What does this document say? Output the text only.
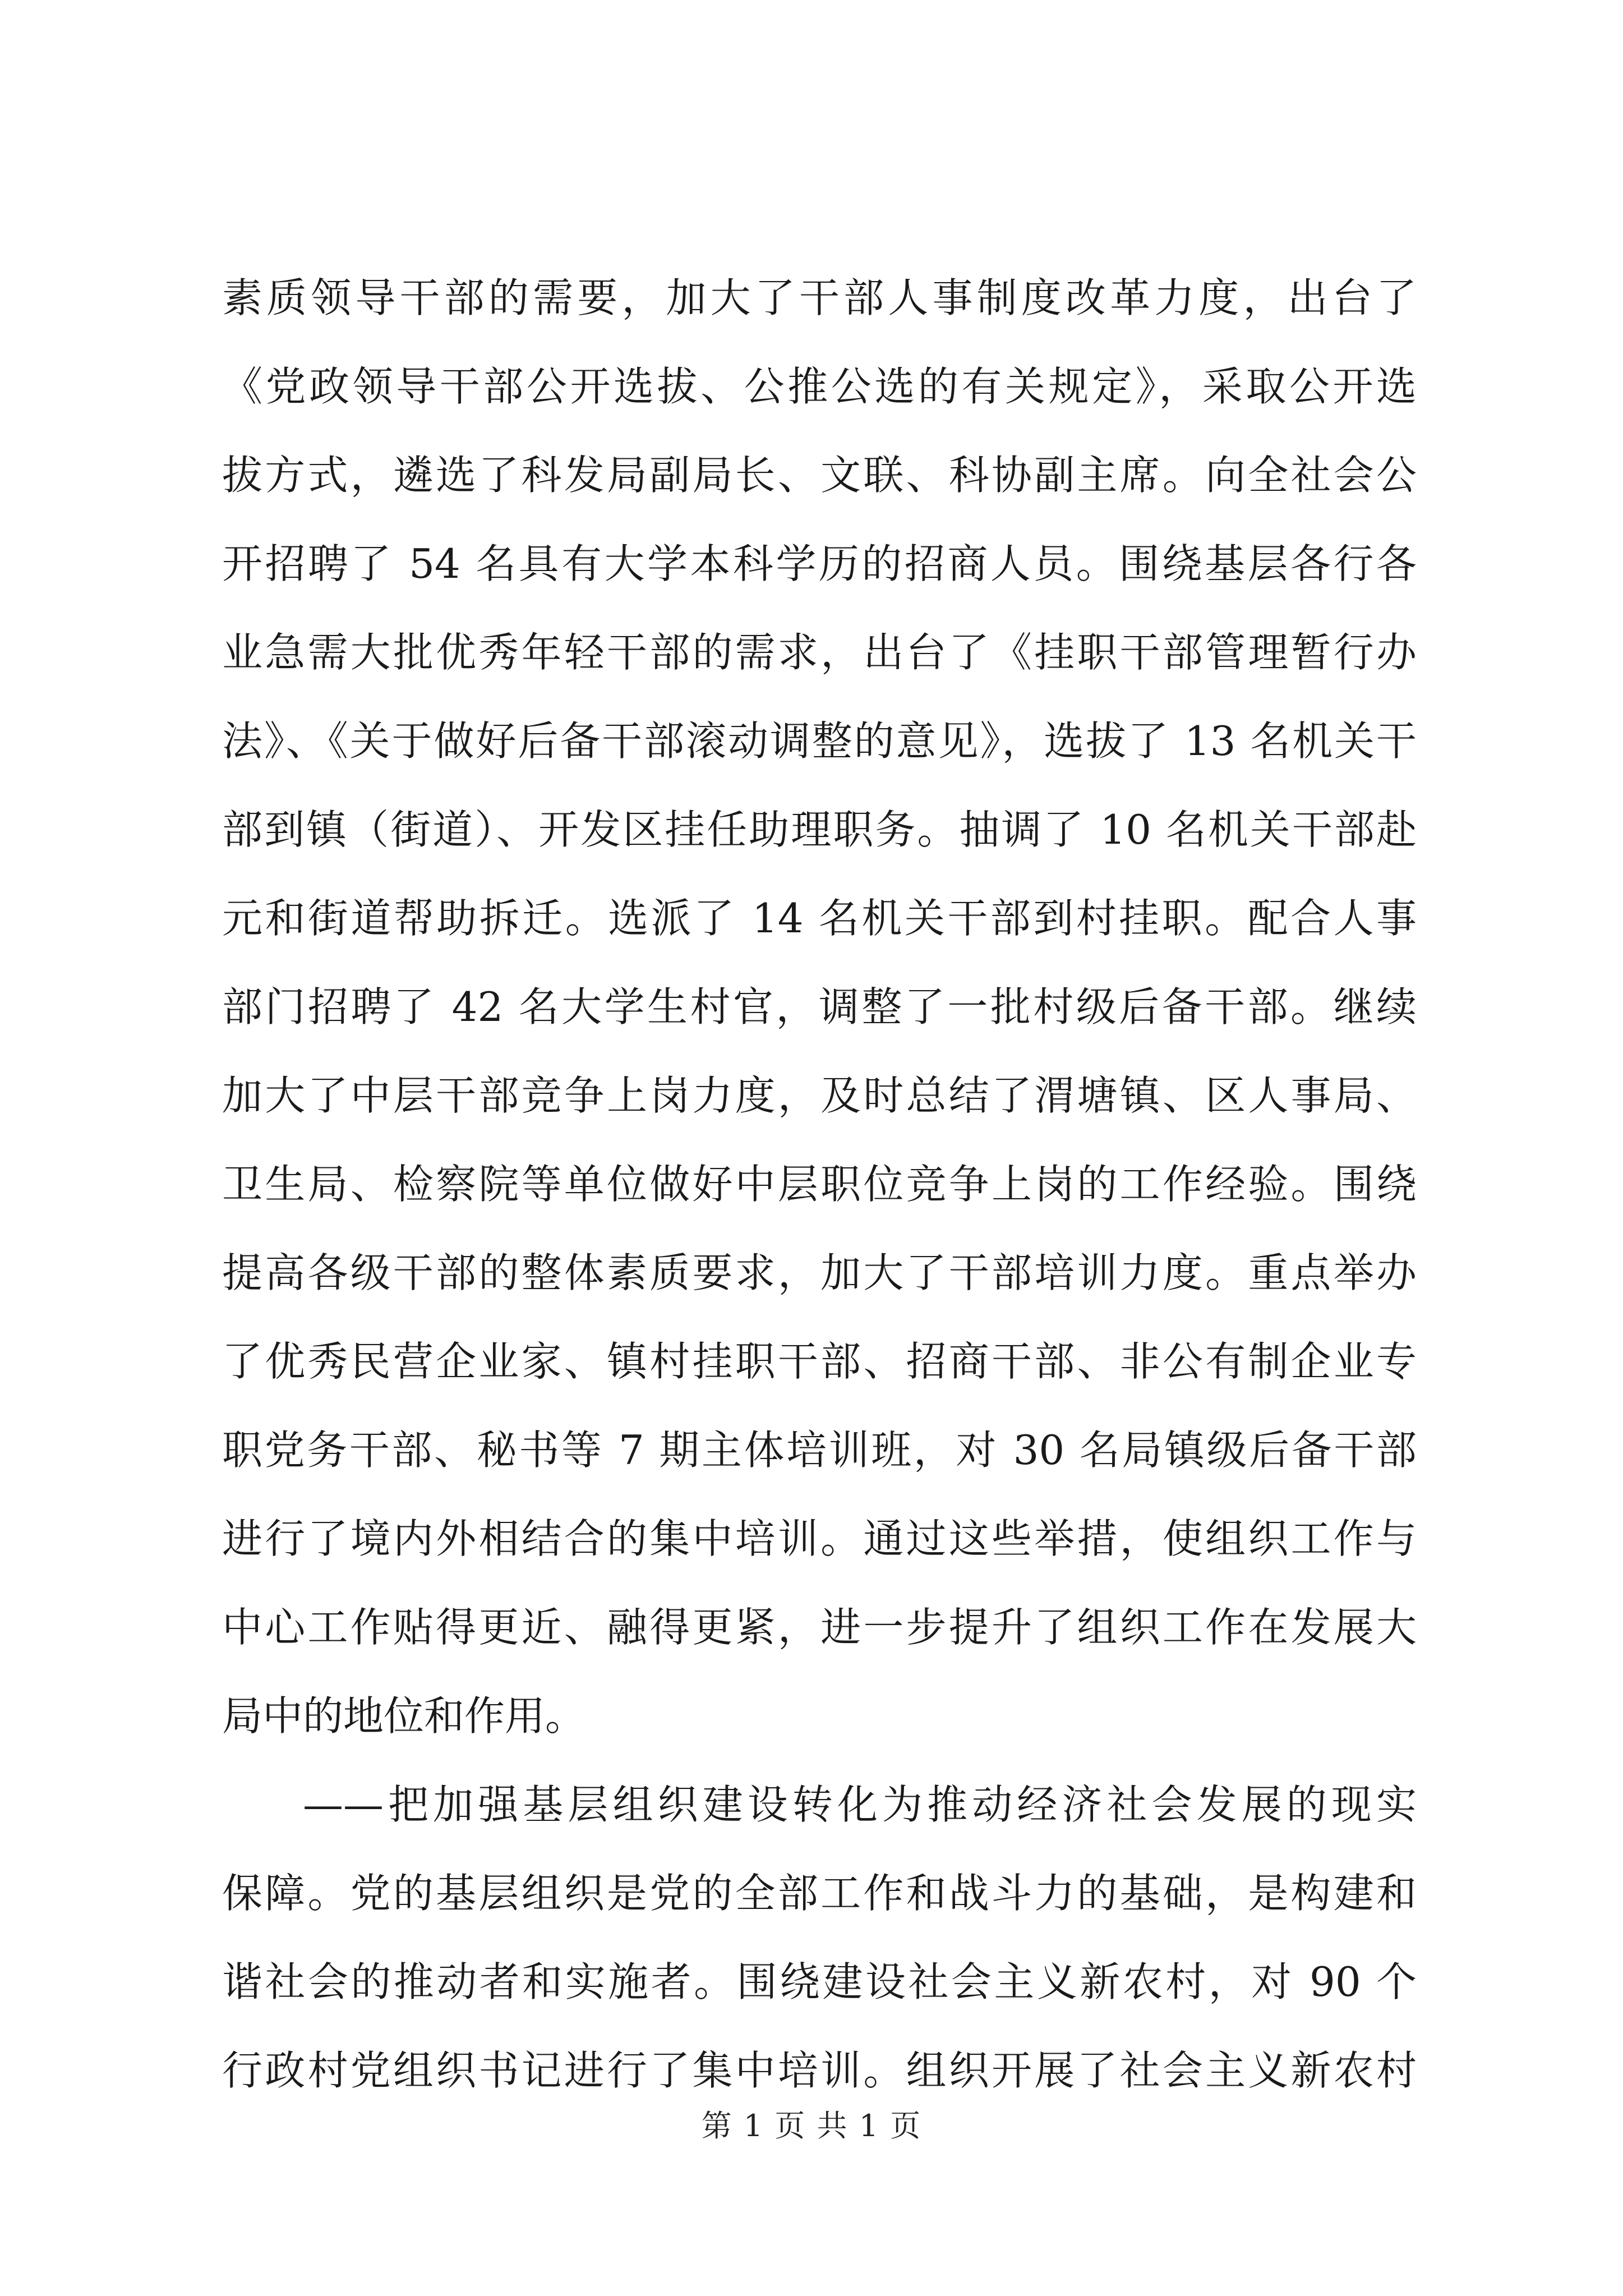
素质领导干部的需要，加大了干部人事制度改革力度，出台了
《党政领导干部公开选拔、公推公选的有关规定》，采取公开选
拔方式，遴选了科发局副局长、文联、科协副主席。向全社会公
开招聘了 54 名具有大学本科学历的招商人员。围绕基层各行各
业急需大批优秀年轻干部的需求，出台了《挂职干部管理暂行办
法》、《关于做好后备干部滚动调整的意见》，选拔了 13 名机关干
部到镇（街道）、开发区挂任助理职务。抽调了 10 名机关干部赴
元和街道帮助拆迁。选派了 14 名机关干部到村挂职。配合人事
部门招聘了 42 名大学生村官，调整了一批村级后备干部。继续
加大了中层干部竞争上岗力度，及时总结了渭塘镇、区人事局、
卫生局、检察院等单位做好中层职位竞争上岗的工作经验。围绕
提高各级干部的整体素质要求，加大了干部培训力度。重点举办
了优秀民营企业家、镇村挂职干部、招商干部、非公有制企业专
职党务干部、秘书等 7 期主体培训班，对 30 名局镇级后备干部
进行了境内外相结合的集中培训。通过这些举措，使组织工作与
中心工作贴得更近、融得更紧，进一步提升了组织工作在发展大
局中的地位和作用。
——把加强基层组织建设转化为推动经济社会发展的现实
保障。党的基层组织是党的全部工作和战斗力的基础，是构建和
谐社会的推动者和实施者。围绕建设社会主义新农村，对 90 个
行政村党组织书记进行了集中培训。组织开展了社会主义新农村
第 1 页 共 1 页
